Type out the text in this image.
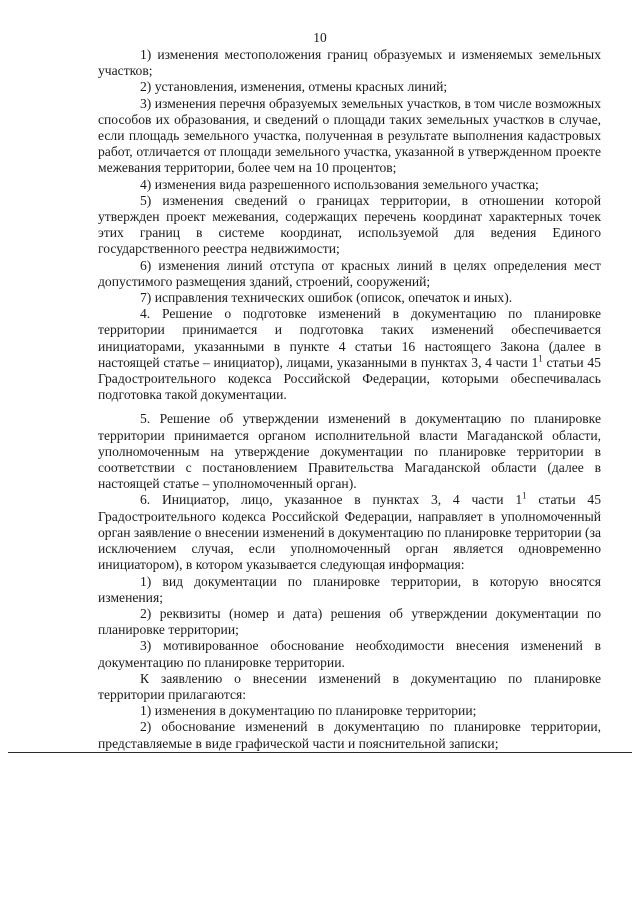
10

1) изменения местоположения границ образуемых и изменяемых земельных участков;

2) установления, изменения, отмены красных линий;

3) изменения перечня образуемых земельных участков, в том числе возможных способов их образования, и сведений о площади таких земельных участков в случае, если площадь земельного участка, полученная в результате выполнения кадастровых работ, отличается от площади земельного участка, указанной в утвержденном проекте межевания территории, более чем на 10 процентов;

4) изменения вида разрешенного использования земельного участка;

5) изменения сведений о границах территории, в отношении которой утвержден проект межевания, содержащих перечень координат характерных точек этих границ в системе координат, используемой для ведения Единого государственного реестра недвижимости;

6) изменения линий отступа от красных линий в целях определения мест допустимого размещения зданий, строений, сооружений;

7) исправления технических ошибок (описок, опечаток и иных).

4. Решение о подготовке изменений в документацию по планировке территории принимается и подготовка таких изменений обеспечивается инициаторами, указанными в пункте 4 статьи 16 настоящего Закона (далее в настоящей статье – инициатор), лицами, указанными в пунктах 3, 4 части $1^1$ статьи 45 Градостроительного кодекса Российской Федерации, которыми обеспечивалась подготовка такой документации.

5. Решение об утверждении изменений в документацию по планировке территории принимается органом исполнительной власти Магаданской области, уполномоченным на утверждение документации по планировке территории в соответствии с постановлением Правительства Магаданской области (далее в настоящей статье – уполномоченный орган).

6. Инициатор, лицо, указанное в пунктах 3, 4 части $1^1$ статьи 45 Градостроительного кодекса Российской Федерации, направляет в уполномоченный орган заявление о внесении изменений в документацию по планировке территории (за исключением случая, если уполномоченный орган является одновременно инициатором), в котором указывается следующая информация:

1) вид документации по планировке территории, в которую вносятся изменения;

2) реквизиты (номер и дата) решения об утверждении документации по планировке территории;

3) мотивированное обоснование необходимости внесения изменений в документацию по планировке территории.

К заявлению о внесении изменений в документацию по планировке территории прилагаются:

1) изменения в документацию по планировке территории;

2) обоснование изменений в документацию по планировке территории, представляемые в виде графической части и пояснительной записки;
